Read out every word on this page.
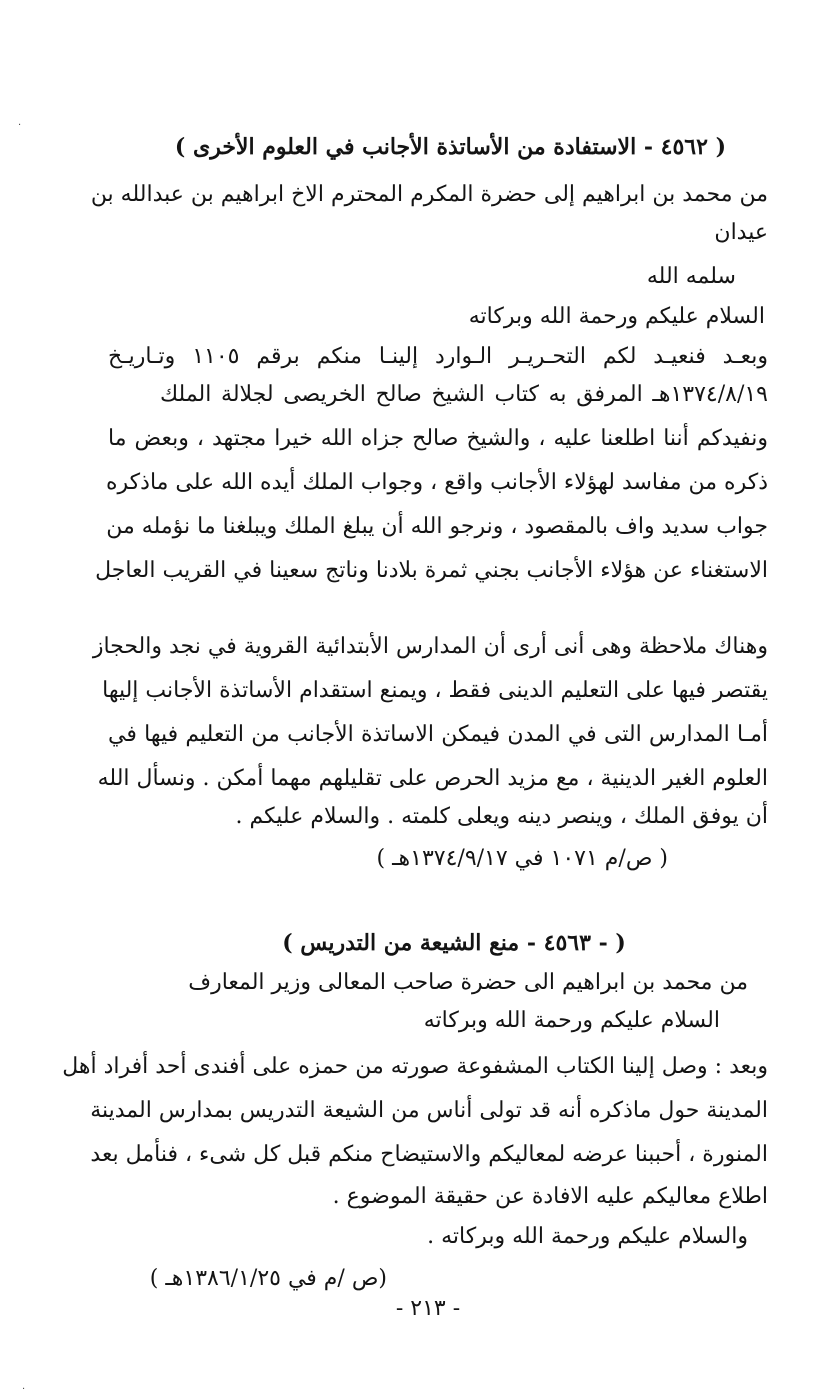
( ٤٥٦٢ - الاستفادة من الأساتذة الأجانب في العلوم الأخرى )
من محمد بن ابراهيم إلى حضرة المكرم المحترم الاخ ابراهيم بن عبدالله بن
عيدان
سلمه الله
السلام عليكم ورحمة الله وبركاته
وبعـد فنعيـد لكم التحـريـر الـوارد إلينـا منكم برقم ١١٠٥ وتـاريـخ
١٣٧٤/٨/١٩هـ المرفق به كتاب الشيخ صالح الخريصى لجلالة الملك
ونفيدكم أننا اطلعنا عليه ، والشيخ صالح جزاه الله خيرا مجتهد ، وبعض ما
ذكره من مفاسد لهؤلاء الأجانب واقع ، وجواب الملك أيده الله على ماذكره
جواب سديد واف بالمقصود ، ونرجو الله أن يبلغ الملك ويبلغنا ما نؤمله من
الاستغناء عن هؤلاء الأجانب بجني ثمرة بلادنا وناتج سعينا في القريب العاجل
وهناك ملاحظة وهى أنى أرى أن المدارس الأبتدائية القروية في نجد والحجاز
يقتصر فيها على التعليم الدينى فقط ، ويمنع استقدام الأساتذة الأجانب إليها
أمـا المدارس التى في المدن فيمكن الاساتذة الأجانب من التعليم فيها في
العلوم الغير الدينية ، مع مزيد الحرص على تقليلهم مهما أمكن . ونسأل الله
أن يوفق الملك ، وينصر دينه ويعلى كلمته . والسلام عليكم .
( ص/م ١٠٧١ في ١٣٧٤/٩/١٧هـ )
( - ٤٥٦٣ - منع الشيعة من التدريس )
من محمد بن ابراهيم الى حضرة صاحب المعالى وزير المعارف
السلام عليكم ورحمة الله وبركاته
وبعد : وصل إلينا الكتاب المشفوعة صورته من حمزه على أفندى أحد أفراد أهل
المدينة حول ماذكره أنه قد تولى أناس من الشيعة التدريس بمدارس المدينة
المنورة ، أحببنا عرضه لمعاليكم والاستيضاح منكم قبل كل شىء ، فنأمل بعد
اطلاع معاليكم عليه الافادة عن حقيقة الموضوع .
والسلام عليكم ورحمة الله وبركاته .
(ص /م في ١٣٨٦/١/٢٥هـ )
- ٢١٣ -
·
·
